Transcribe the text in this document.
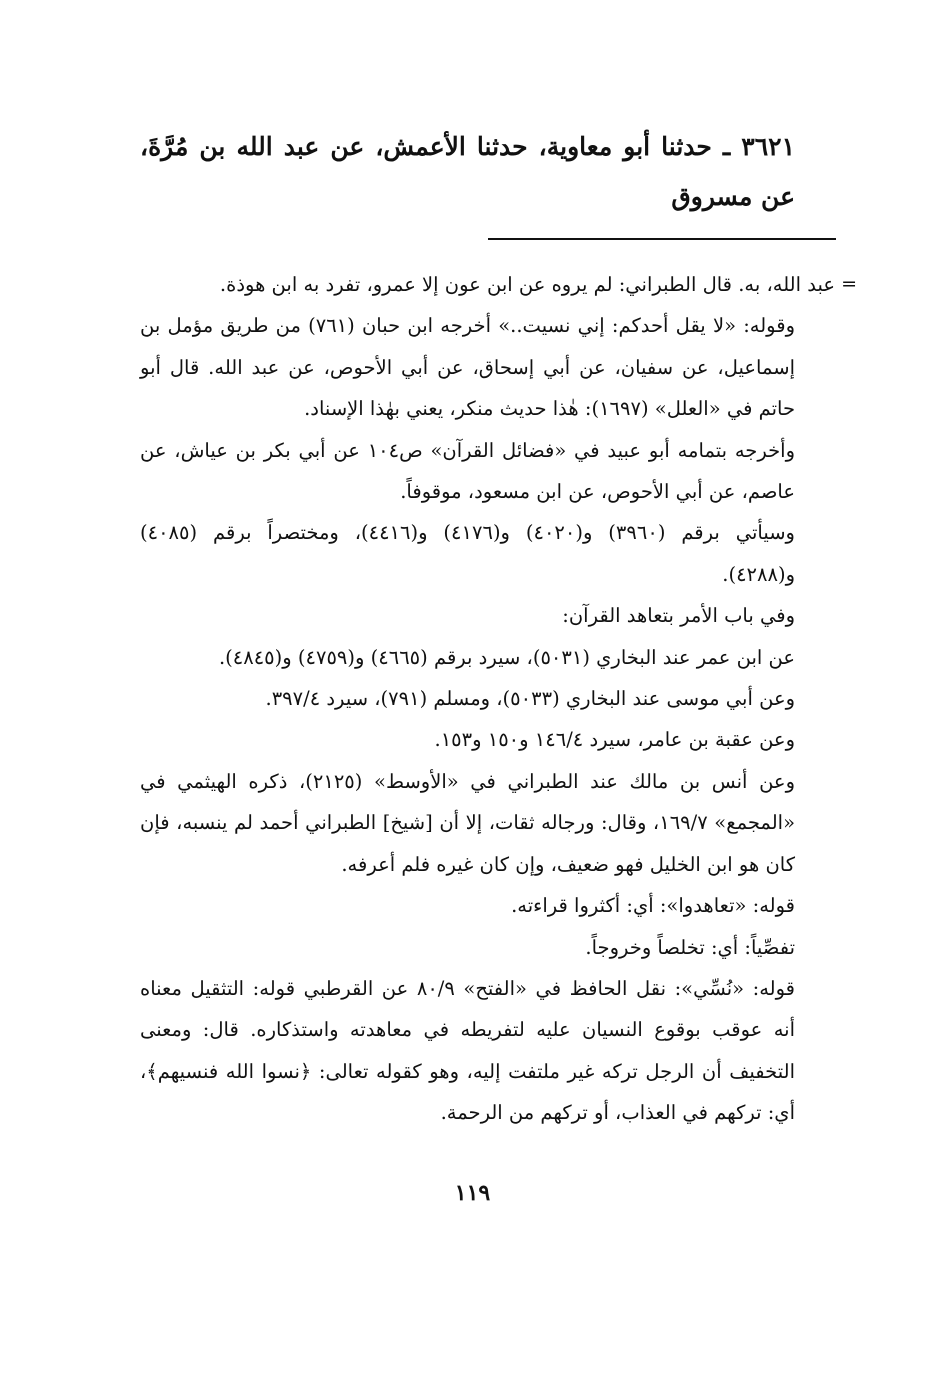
٣٦٢١ ـ حدثنا أبو معاوية، حدثنا الأعمش، عن عبد الله بن مُرَّةَ، عن مسروق

=
عبد الله، به. قال الطبراني: لم يروه عن ابن عون إلا عمرو، تفرد به ابن هوذة.

وقوله: «لا يقل أحدكم: إني نسيت..» أخرجه ابن حبان (٧٦١) من طريق مؤمل بن إسماعيل، عن سفيان، عن أبي إسحاق، عن أبي الأحوص، عن عبد الله. قال أبو حاتم في «العلل» (١٦٩٧): هٰذا حديث منكر، يعني بهٰذا الإسناد.

وأخرجه بتمامه أبو عبيد في «فضائل القرآن» ص١٠٤ عن أبي بكر بن عياش، عن عاصم، عن أبي الأحوص، عن ابن مسعود، موقوفاً.

وسيأتي برقم (٣٩٦٠) و(٤٠٢٠) و(٤١٧٦) و(٤٤١٦)، ومختصراً برقم (٤٠٨٥) و(٤٢٨٨).

وفي باب الأمر بتعاهد القرآن:

عن ابن عمر عند البخاري (٥٠٣١)، سيرد برقم (٤٦٦٥) و(٤٧٥٩) و(٤٨٤٥).

وعن أبي موسى عند البخاري (٥٠٣٣)، ومسلم (٧٩١)، سيرد ٣٩٧/٤.

وعن عقبة بن عامر، سيرد ١٤٦/٤ و١٥٠ و١٥٣.

وعن أنس بن مالك عند الطبراني في «الأوسط» (٢١٢٥)، ذكره الهيثمي في «المجمع» ١٦٩/٧، وقال: ورجاله ثقات، إلا أن [شيخ] الطبراني أحمد لم ينسبه، فإن كان هو ابن الخليل فهو ضعيف، وإن كان غيره فلم أعرفه.

قوله: «تعاهدوا»: أي: أكثروا قراءته.

تفصِّياً: أي: تخلصاً وخروجاً.

قوله: «نُسِّي»: نقل الحافظ في «الفتح» ٨٠/٩ عن القرطبي قوله: التثقيل معناه أنه عوقب بوقوع النسيان عليه لتفريطه في معاهدته واستذكاره. قال: ومعنى التخفيف أن الرجل تركه غير ملتفت إليه، وهو كقوله تعالى: ﴿نسوا الله فنسيهم﴾، أي: تركهم في العذاب، أو تركهم من الرحمة.

١١٩
